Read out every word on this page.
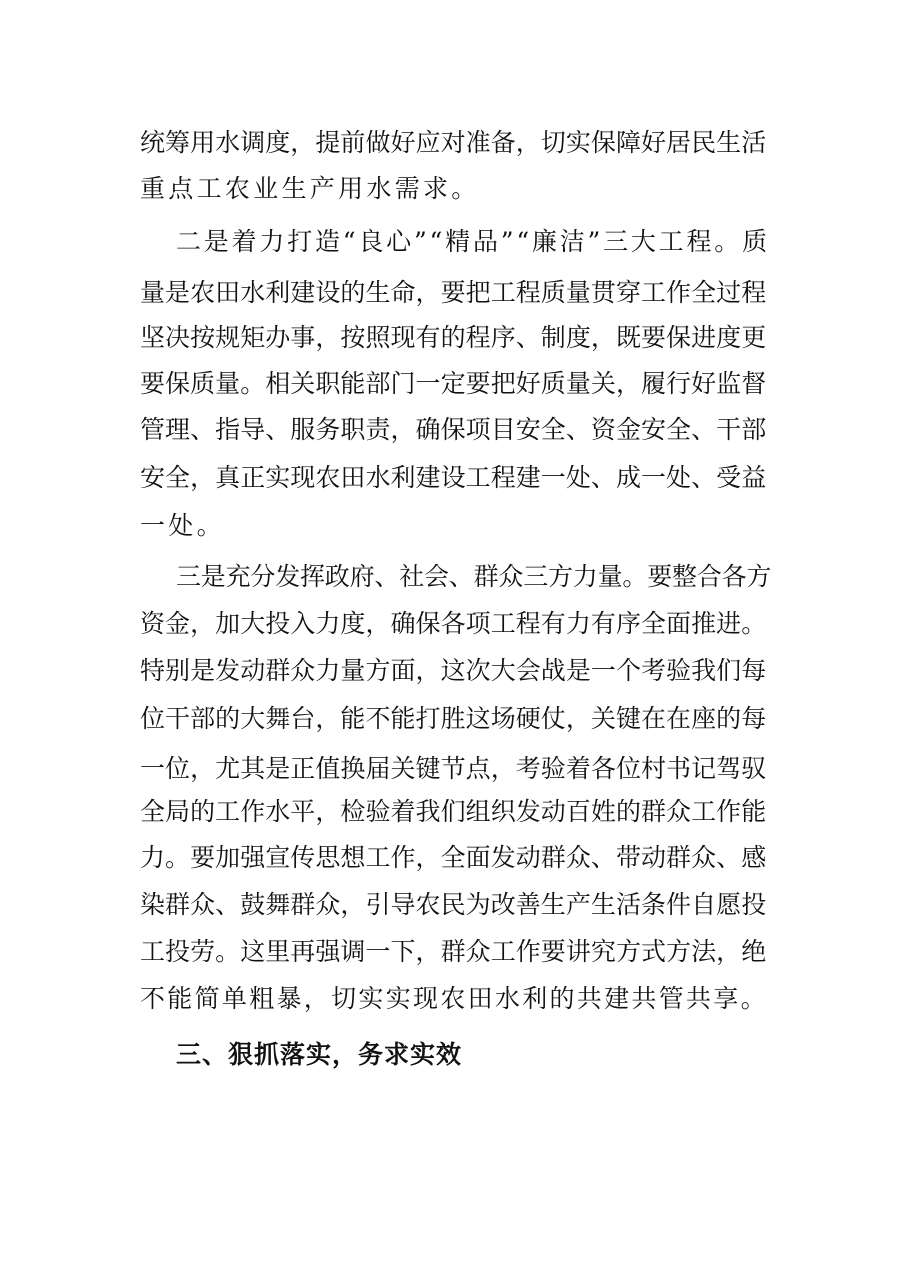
统筹用水调度，提前做好应对准备，切实保障好居民生活
重点工农业生产用水需求。
二是着力打造“良心”“精品”“廉洁”三大工程。质
量是农田水利建设的生命，要把工程质量贯穿工作全过程
坚决按规矩办事，按照现有的程序、制度，既要保进度更
要保质量。相关职能部门一定要把好质量关，履行好监督
管理、指导、服务职责，确保项目安全、资金安全、干部
安全，真正实现农田水利建设工程建一处、成一处、受益
一处。
三是充分发挥政府、社会、群众三方力量。要整合各方
资金，加大投入力度，确保各项工程有力有序全面推进。
特别是发动群众力量方面，这次大会战是一个考验我们每
位干部的大舞台，能不能打胜这场硬仗，关键在在座的每
一位，尤其是正值换届关键节点，考验着各位村书记驾驭
全局的工作水平，检验着我们组织发动百姓的群众工作能
力。要加强宣传思想工作，全面发动群众、带动群众、感
染群众、鼓舞群众，引导农民为改善生产生活条件自愿投
工投劳。这里再强调一下，群众工作要讲究方式方法，绝
不能简单粗暴，切实实现农田水利的共建共管共享。
三、狠抓落实，务求实效
